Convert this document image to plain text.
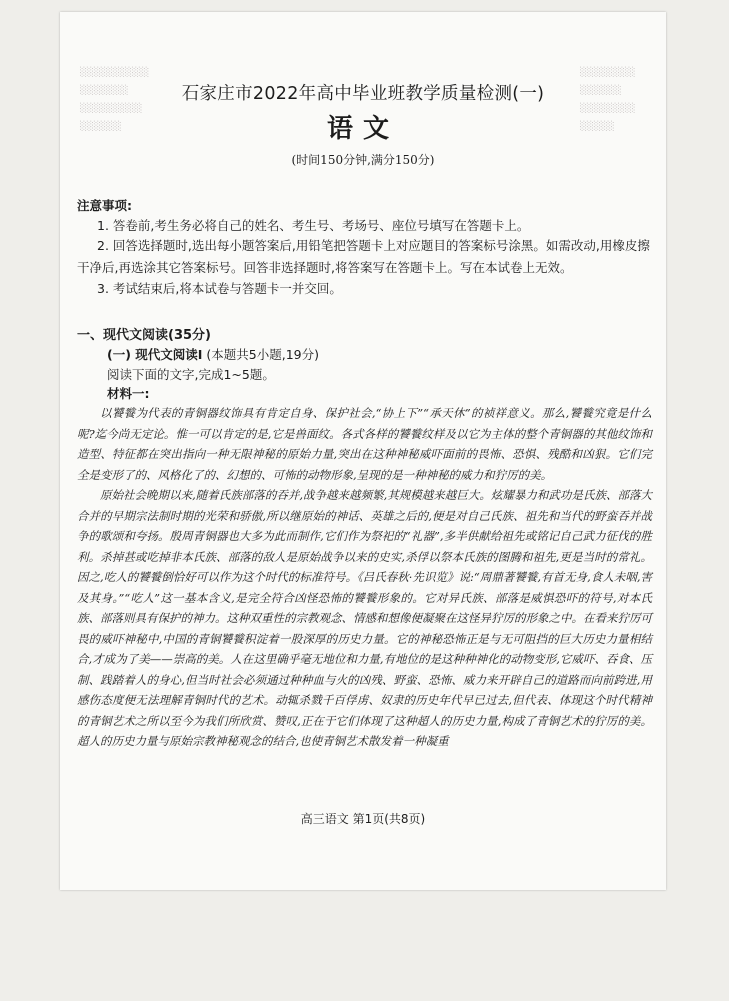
░░░░░░░░░░
░░░░░░░
░░░░░░░░░
░░░░░░
░░░░░░░░
░░░░░░
░░░░░░░░
░░░░░
石家庄市2022年高中毕业班教学质量检测(一)
语文
(时间150分钟,满分150分)
注意事项:
1. 答卷前,考生务必将自己的姓名、考生号、考场号、座位号填写在答题卡上。
2. 回答选择题时,选出每小题答案后,用铅笔把答题卡上对应题目的答案标号涂黑。如需改动,用橡皮擦干净后,再选涂其它答案标号。回答非选择题时,将答案写在答题卡上。写在本试卷上无效。
3. 考试结束后,将本试卷与答题卡一并交回。
一、现代文阅读(35分)
(一) 现代文阅读Ⅰ (本题共5小题,19分)
阅读下面的文字,完成1~5题。
材料一:

以饕餮为代表的青铜器纹饰具有肯定自身、保护社会,“协上下”“承天休”的祯祥意义。那么,饕餮究竟是什么呢?迄今尚无定论。惟一可以肯定的是,它是兽面纹。各式各样的饕餮纹样及以它为主体的整个青铜器的其他纹饰和造型、特征都在突出指向一种无限神秘的原始力量,突出在这种神秘威吓面前的畏怖、恐惧、残酷和凶狠。它们完全是变形了的、风格化了的、幻想的、可怖的动物形象,呈现的是一种神秘的威力和狞厉的美。

原始社会晚期以来,随着氏族部落的吞并,战争越来越频繁,其规模越来越巨大。炫耀暴力和武功是氏族、部落大合并的早期宗法制时期的光荣和骄傲,所以继原始的神话、英雄之后的,便是对自己氏族、祖先和当代的野蛮吞并战争的歌颂和夸扬。殷周青铜器也大多为此而制作,它们作为祭祀的“礼器”,多半供献给祖先或铭记自己武力征伐的胜利。杀掉甚或吃掉非本氏族、部落的敌人是原始战争以来的史实,杀俘以祭本氏族的图腾和祖先,更是当时的常礼。因之,吃人的饕餮倒恰好可以作为这个时代的标准符号。《吕氏春秋·先识览》说:“周鼎著饕餮,有首无身,食人未咽,害及其身。”“吃人”这一基本含义,是完全符合凶怪恐怖的饕餮形象的。它对异氏族、部落是威惧恐吓的符号,对本氏族、部落则具有保护的神力。这种双重性的宗教观念、情感和想像便凝聚在这怪异狞厉的形象之中。在看来狞厉可畏的威吓神秘中,中国的青铜饕餮积淀着一股深厚的历史力量。它的神秘恐怖正是与无可阻挡的巨大历史力量相结合,才成为了美——崇高的美。人在这里确乎毫无地位和力量,有地位的是这种种神化的动物变形,它威吓、吞食、压制、践踏着人的身心,但当时社会必须通过种种血与火的凶残、野蛮、恐怖、威力来开辟自己的道路而向前跨进,用感伤态度便无法理解青铜时代的艺术。动辄杀戮千百俘虏、奴隶的历史年代早已过去,但代表、体现这个时代精神的青铜艺术之所以至今为我们所欣赏、赞叹,正在于它们体现了这种超人的历史力量,构成了青铜艺术的狞厉的美。超人的历史力量与原始宗教神秘观念的结合,也使青铜艺术散发着一种凝重

高三语文 第1页(共8页)
